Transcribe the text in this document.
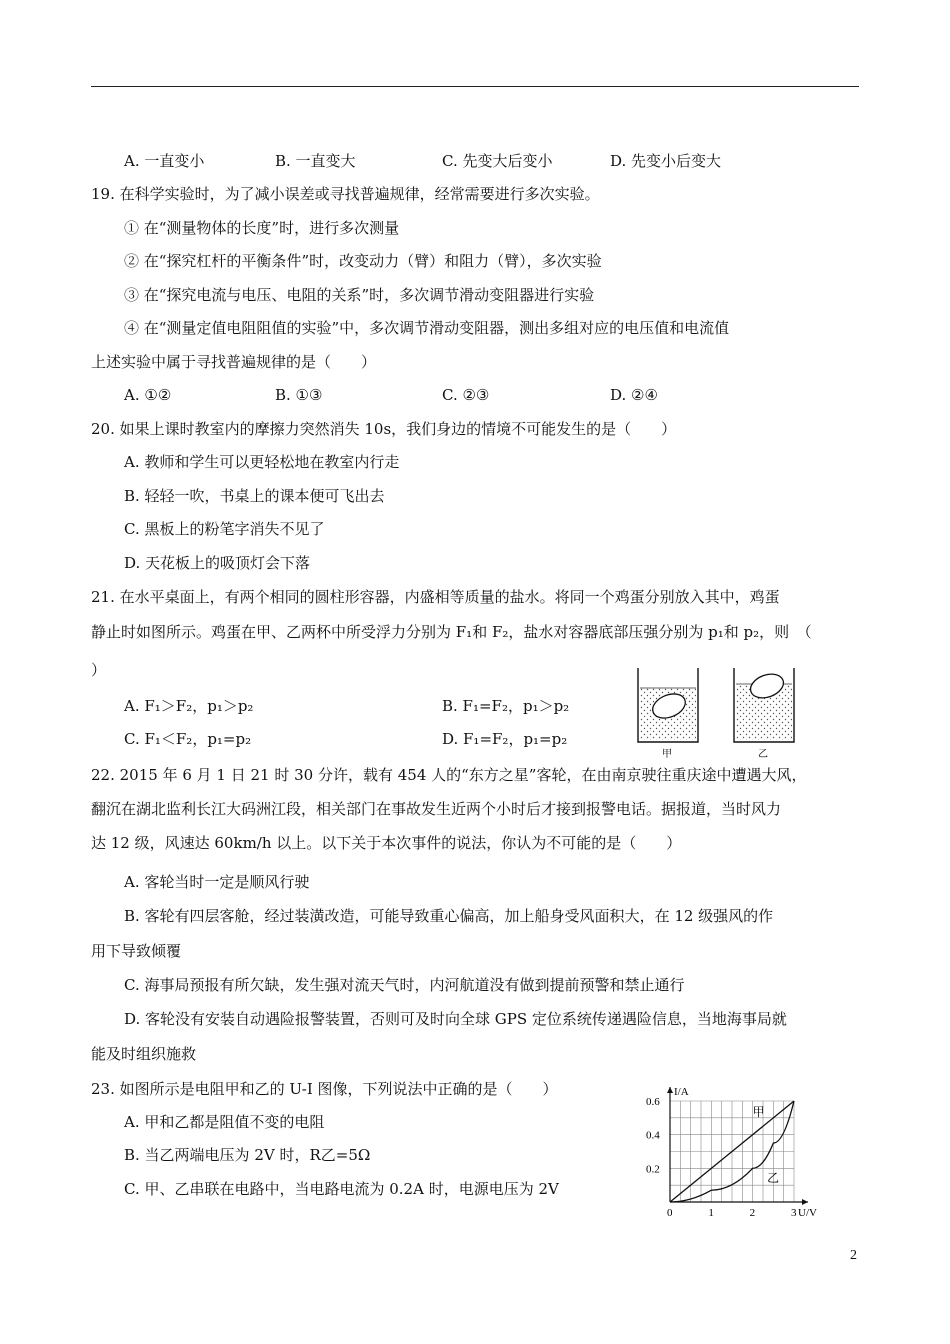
A. 一直变小	B. 一直变大	C. 先变大后变小	D. 先变小后变大
19. 在科学实验时，为了减小误差或寻找普遍规律，经常需要进行多次实验。
① 在“测量物体的长度”时，进行多次测量
② 在“探究杠杆的平衡条件”时，改变动力（臂）和阻力（臂），多次实验
③ 在“探究电流与电压、电阻的关系”时，多次调节滑动变阻器进行实验
④ 在“测量定值电阻阻值的实验”中，多次调节滑动变阻器，测出多组对应的电压值和电流值
上述实验中属于寻找普遍规律的是（　　）
A. ①②	B. ①③	C. ②③	D. ②④
20. 如果上课时教室内的摩擦力突然消失 10s，我们身边的情境不可能发生的是（　　）
A. 教师和学生可以更轻松地在教室内行走
B. 轻轻一吹，书桌上的课本便可飞出去
C. 黑板上的粉笔字消失不见了
D. 天花板上的吸顶灯会下落
21. 在水平桌面上，有两个相同的圆柱形容器，内盛相等质量的盐水。将同一个鸡蛋分别放入其中，鸡蛋
静止时如图所示。鸡蛋在甲、乙两杯中所受浮力分别为 F₁和 F₂，盐水对容器底部压强分别为 p₁和 p₂，则　（
）
A. F₁＞F₂，p₁＞p₂	B. F₁=F₂，p₁＞p₂
C. F₁＜F₂，p₁=p₂	D. F₁=F₂，p₁=p₂
甲	乙
22. 2015 年 6 月 1 日 21 时 30 分许，载有 454 人的“东方之星”客轮，在由南京驶往重庆途中遭遇大风，
翻沉在湖北监利长江大码洲江段，相关部门在事故发生近两个小时后才接到报警电话。据报道，当时风力
达 12 级，风速达 60km/h 以上。以下关于本次事件的说法，你认为不可能的是（　　）
A. 客轮当时一定是顺风行驶
B. 客轮有四层客舱，经过装潢改造，可能导致重心偏高，加上船身受风面积大，在 12 级强风的作
用下导致倾覆
C. 海事局预报有所欠缺，发生强对流天气时，内河航道没有做到提前预警和禁止通行
D. 客轮没有安装自动遇险报警装置，否则可及时向全球 GPS 定位系统传递遇险信息，当地海事局就
能及时组织施救
23. 如图所示是电阻甲和乙的 U-I 图像，下列说法中正确的是（　　）
A. 甲和乙都是阻值不变的电阻
B. 当乙两端电压为 2V 时，R乙=5Ω
C. 甲、乙串联在电路中，当电路电流为 0.2A 时，电源电压为 2V
0	1	2	3
0.2
0.4
0.6
U/V
I/A
甲
乙
2
